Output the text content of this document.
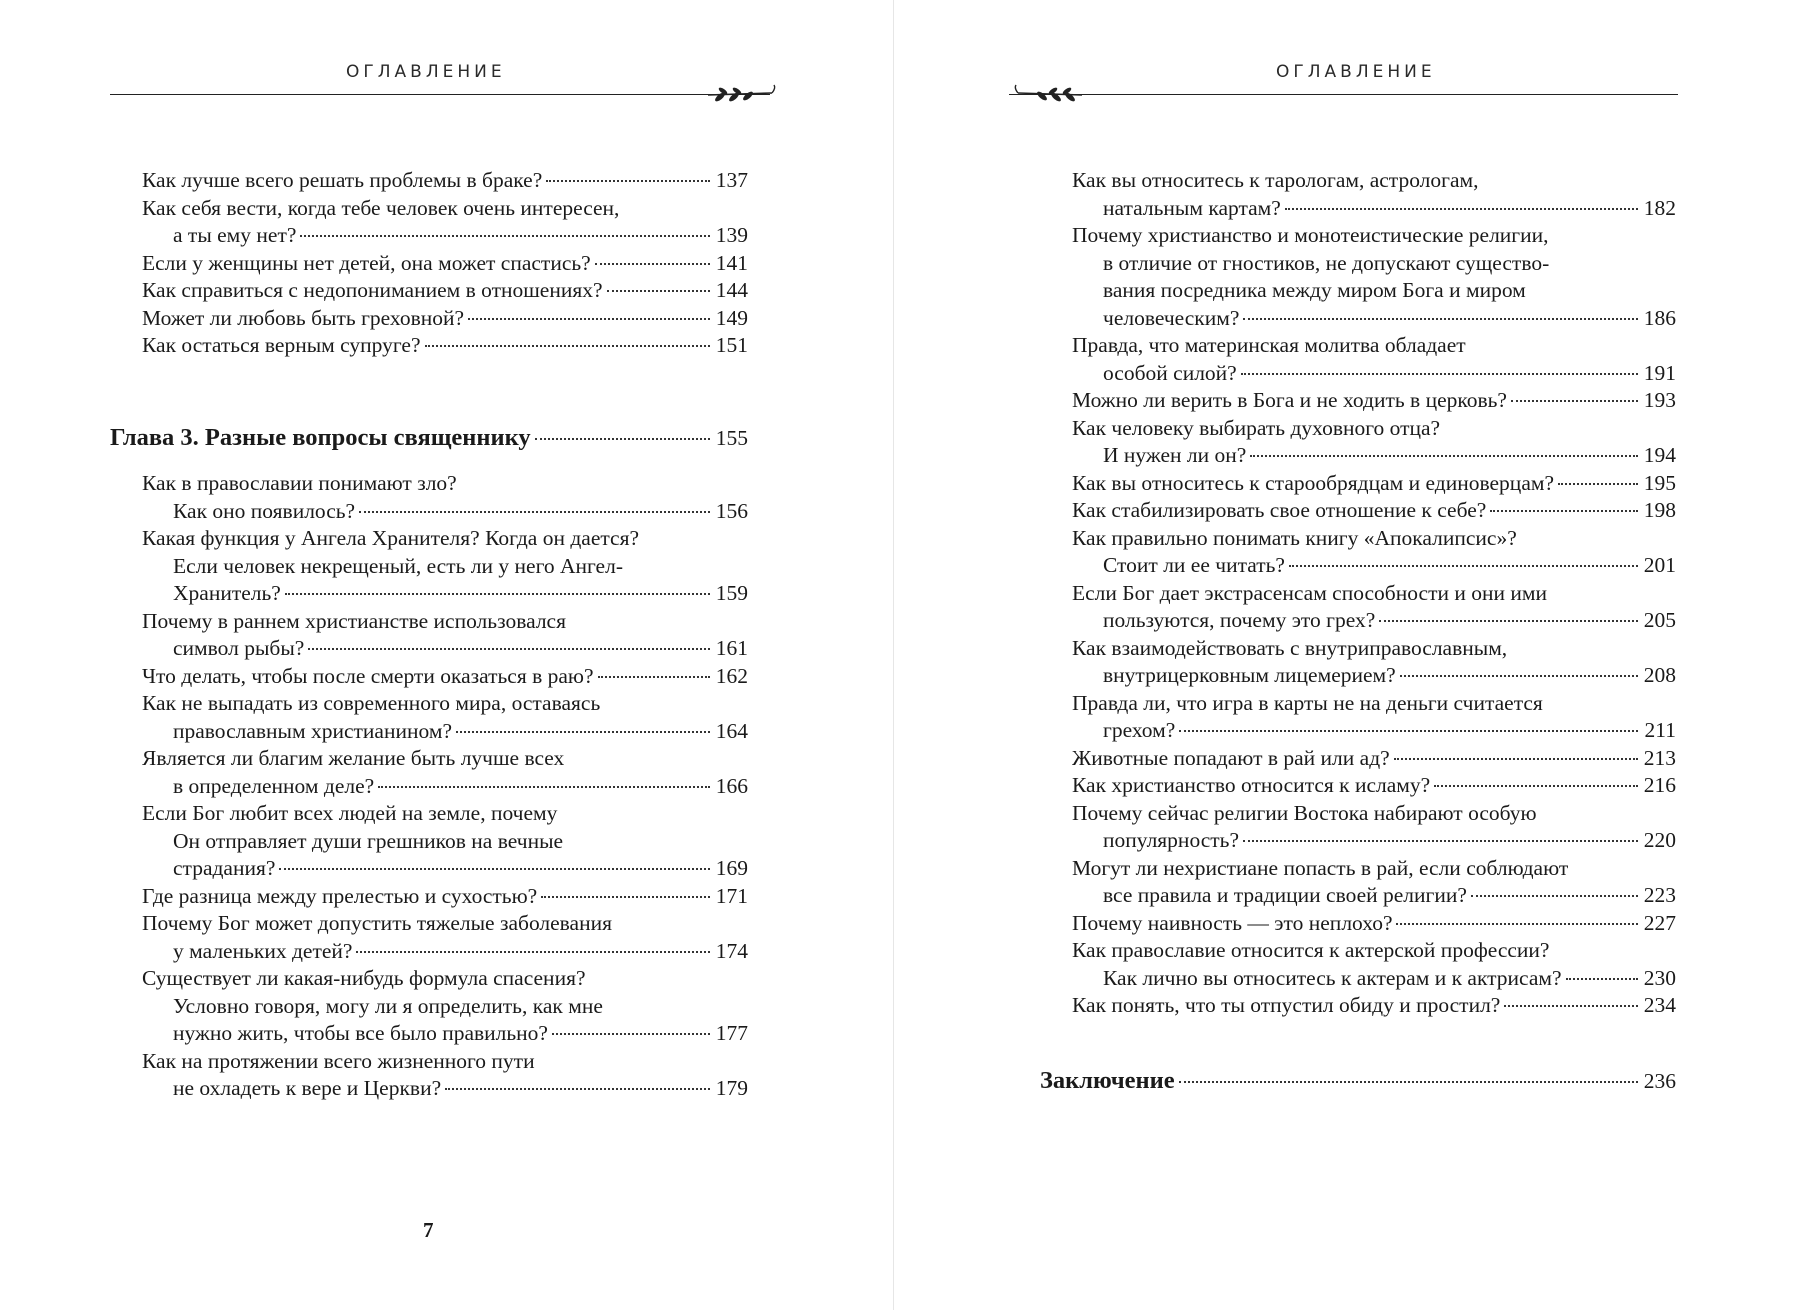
ОГЛАВЛЕНИЕ
Как лучше всего решать проблемы в браке?	137
Как себя вести, когда тебе человек очень интересен,
а ты ему нет?	139
Если у женщины нет детей, она может спастись?	141
Как справиться с недопониманием в отношениях?	144
Может ли любовь быть греховной?	149
Как остаться верным супруге?	151
Глава 3. Разные вопросы священнику	155
Как в православии понимают зло?
Как оно появилось?	156
Какая функция у Ангела Хранителя? Когда он дается?
Если человек некрещеный, есть ли у него Ангел-
Хранитель?	159
Почему в раннем христианстве использовался
символ рыбы?	161
Что делать, чтобы после смерти оказаться в раю?	162
Как не выпадать из современного мира, оставаясь
православным христианином?	164
Является ли благим желание быть лучше всех
в определенном деле?	166
Если Бог любит всех людей на земле, почему
Он отправляет души грешников на вечные
страдания?	169
Где разница между прелестью и сухостью?	171
Почему Бог может допустить тяжелые заболевания
у маленьких детей?	174
Существует ли какая-нибудь формула спасения?
Условно говоря, могу ли я определить, как мне
нужно жить, чтобы все было правильно?	177
Как на протяжении всего жизненного пути
не охладеть к вере и Церкви?	179
7
ОГЛАВЛЕНИЕ
Как вы относитесь к тарологам, астрологам,
натальным картам?	182
Почему христианство и монотеистические религии,
в отличие от гностиков, не допускают существо-
вания посредника между миром Бога и миром
человеческим?	186
Правда, что материнская молитва обладает
особой силой?	191
Можно ли верить в Бога и не ходить в церковь?	193
Как человеку выбирать духовного отца?
И нужен ли он?	194
Как вы относитесь к старообрядцам и единоверцам?	195
Как стабилизировать свое отношение к себе?	198
Как правильно понимать книгу «Апокалипсис»?
Стоит ли ее читать?	201
Если Бог дает экстрасенсам способности и они ими
пользуются, почему это грех?	205
Как взаимодействовать с внутриправославным,
внутрицерковным лицемерием?	208
Правда ли, что игра в карты не на деньги считается
грехом?	211
Животные попадают в рай или ад?	213
Как христианство относится к исламу?	216
Почему сейчас религии Востока набирают особую
популярность?	220
Могут ли нехристиане попасть в рай, если соблюдают
все правила и традиции своей религии?	223
Почему наивность — это неплохо?	227
Как православие относится к актерской профессии?
Как лично вы относитесь к актерам и к актрисам?	230
Как понять, что ты отпустил обиду и простил?	234
Заключение	236
